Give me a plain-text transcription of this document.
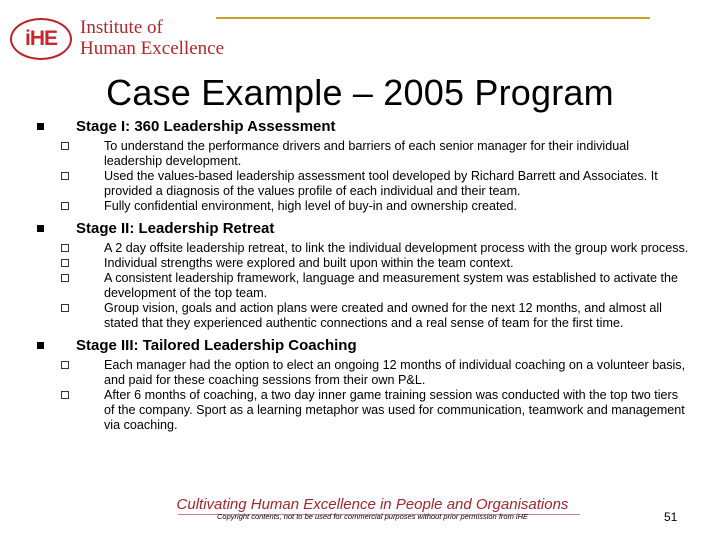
iHE Institute of
Human Excellence
Case Example – 2005 Program
Stage I: 360 Leadership Assessment
To understand the performance drivers and barriers of each senior manager for their individual leadership development.
Used the values-based leadership assessment tool developed by Richard Barrett and Associates. It provided a diagnosis of the values profile of each individual and their team.
Fully confidential environment, high level of buy-in and ownership created.
Stage II: Leadership Retreat
A 2 day offsite leadership retreat, to link the individual development process with the group work process.
Individual strengths were explored and built upon within the team context.
A consistent leadership framework, language and measurement system was established to activate the development of the top team.
Group vision, goals and action plans were created and owned for the next 12 months, and almost all stated that they experienced authentic connections and a real sense of team for the first time.
Stage III: Tailored Leadership Coaching
Each manager had the option to elect an ongoing 12 months of individual coaching on a volunteer basis, and paid for these coaching sessions from their own P&L.
After 6 months of coaching, a two day inner game training session was conducted with the top two tiers of the company. Sport as a learning metaphor was used for communication, teamwork and management via coaching.
Cultivating Human Excellence in People and Organisations
Copyright contents, not to be used for commercial purposes without prior permission from iHE	51
